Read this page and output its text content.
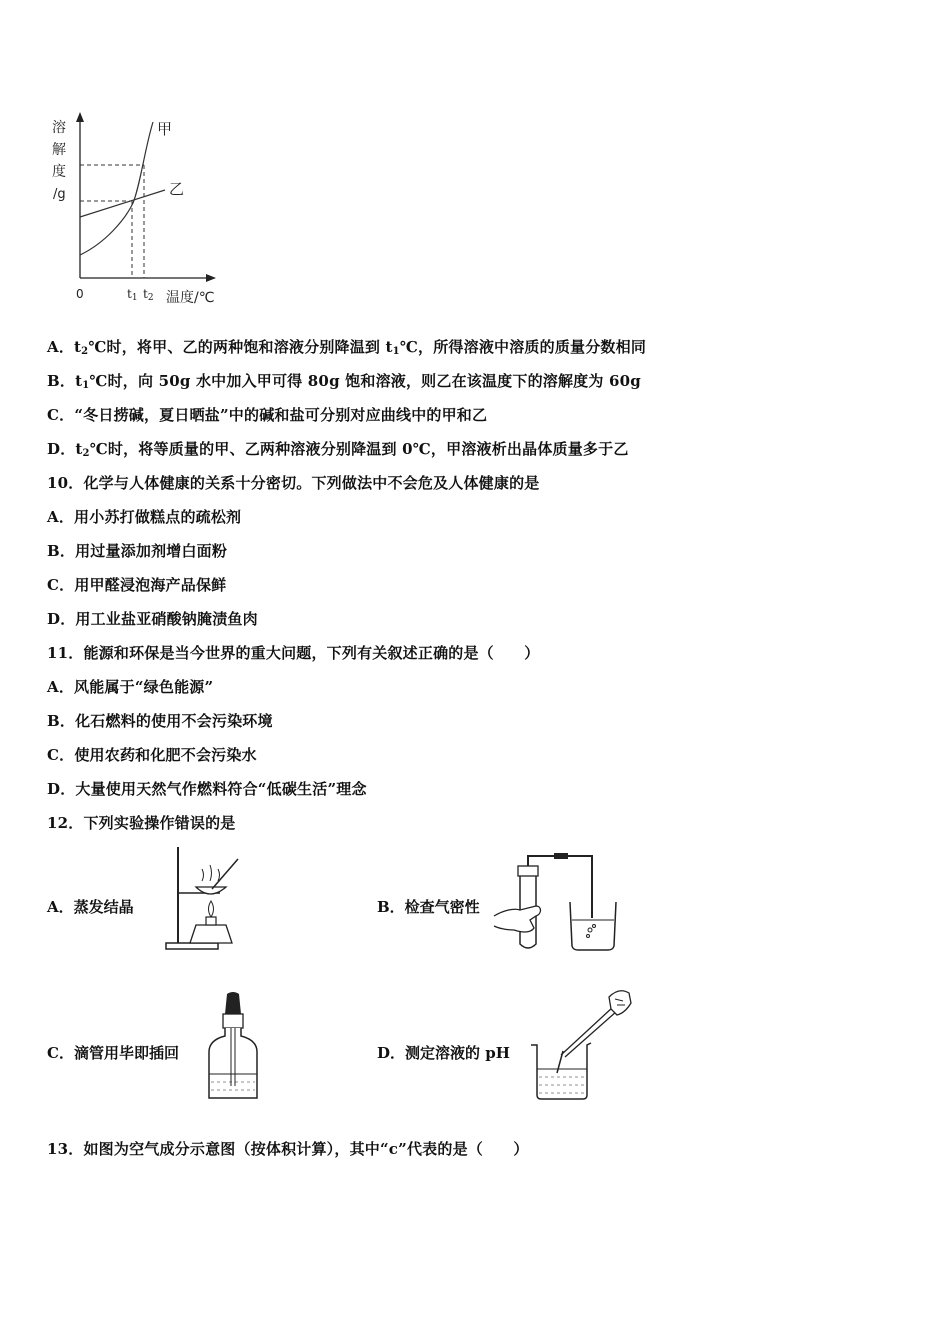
溶
解
度
/g
0	t1 t2 温度/℃
甲
乙
A．$t_2℃$时，将甲、乙的两种饱和溶液分别降温到 $t_1℃$，所得溶液中溶质的质量分数相同
B．$t_1℃$时，向 50g 水中加入甲可得 80g 饱和溶液，则乙在该温度下的溶解度为 60g
C．“冬日捞碱，夏日晒盐”中的碱和盐可分别对应曲线中的甲和乙
D．$t_2℃$时，将等质量的甲、乙两种溶液分别降温到 0℃，甲溶液析出晶体质量多于乙
10．化学与人体健康的关系十分密切。下列做法中不会危及人体健康的是
A．用小苏打做糕点的疏松剂
B．用过量添加剂增白面粉
C．用甲醛浸泡海产品保鲜
D．用工业盐亚硝酸钠腌渍鱼肉
11．能源和环保是当今世界的重大问题，下列有关叙述正确的是（　　）
A．风能属于“绿色能源”
B．化石燃料的使用不会污染环境
C．使用农药和化肥不会污染水
D．大量使用天然气作燃料符合“低碳生活”理念
12．下列实验操作错误的是
A．蒸发结晶	B．检查气密性
C．滴管用毕即插回	D．测定溶液的 pH
13．如图为空气成分示意图（按体积计算），其中“c”代表的是（　　）
